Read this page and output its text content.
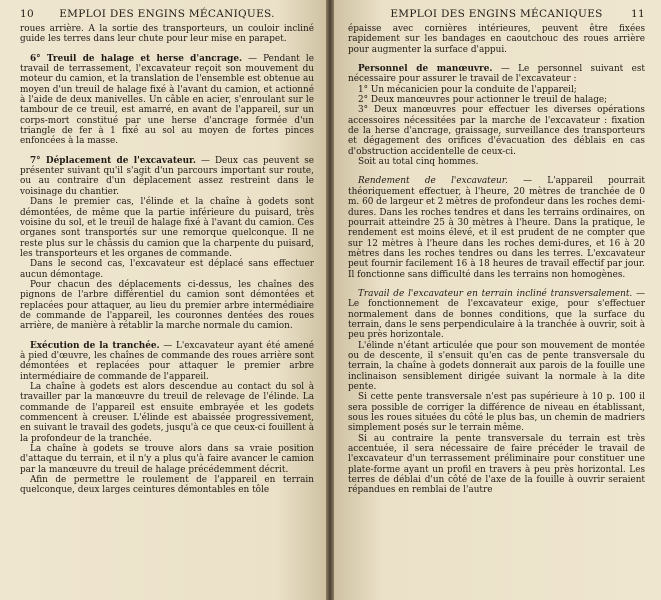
10	EMPLOI DES ENGINS MÉCANIQUES.

roues arrière. A la sortie des transporteurs, un couloir incliné guide les terres dans leur chute pour leur mise en parapet.

6° Treuil de halage et herse d'ancrage. — Pendant le travail de terrassement, l'excavateur reçoit son mouvement du moteur du camion, et la translation de l'ensemble est obtenue au moyen d'un treuil de halage fixé à l'avant du camion, et actionné à l'aide de deux manivelles. Un câble en acier, s'enroulant sur le tambour de ce treuil, est amarré, en avant de l'appareil, sur un corps-mort constitué par une herse d'ancrage formée d'un triangle de fer à 1 fixé au sol au moyen de fortes pinces enfoncées à la masse.

7° Déplacement de l'excavateur. — Deux cas peuvent se présenter suivant qu'il s'agit d'un parcours important sur route, ou au contraire d'un déplacement assez restreint dans le voisinage du chantier.

Dans le premier cas, l'élinde et la chaîne à godets sont démontées, de même que la partie inférieure du puisard, très voisine du sol, et le treuil de halage fixé à l'avant du camion. Ces organes sont transportés sur une remorque quelconque. Il ne reste plus sur le châssis du camion que la charpente du puisard, les transporteurs et les organes de commande.

Dans le second cas, l'excavateur est déplacé sans effectuer aucun démontage.

Pour chacun des déplacements ci-dessus, les chaînes des pignons de l'arbre différentiel du camion sont démontées et replacées pour attaquer, au lieu du premier arbre intermédiaire de commande de l'appareil, les couronnes dentées des roues arrière, de manière à rétablir la marche normale du camion.

Exécution de la tranchée. — L'excavateur ayant été amené à pied d'œuvre, les chaînes de commande des roues arrière sont démontées et replacées pour attaquer le premier arbre intermédiaire de commande de l'appareil.

La chaîne à godets est alors descendue au contact du sol à travailler par la manœuvre du treuil de relevage de l'élinde. La commande de l'appareil est ensuite embrayée et les godets commencent à creuser. L'élinde est abaissée progressivement, en suivant le travail des godets, jusqu'à ce que ceux-ci fouillent à la profondeur de la tranchée.

La chaîne à godets se trouve alors dans sa vraie position d'attaque du terrain, et il n'y a plus qu'à faire avancer le camion par la manœuvre du treuil de halage précédemment décrit.

Afin de permettre le roulement de l'appareil en terrain quelconque, deux larges ceintures démontables en tôle

EMPLOI DES ENGINS MÉCANIQUES	11

épaisse avec cornières intérieures, peuvent être fixées rapidement sur les bandages en caoutchouc des roues arrière pour augmenter la surface d'appui.

Personnel de manœuvre. — Le personnel suivant est nécessaire pour assurer le travail de l'excavateur :

1° Un mécanicien pour la conduite de l'appareil;

2° Deux manœuvres pour actionner le treuil de halage;

3° Deux manœuvres pour effectuer les diverses opérations accessoires nécessitées par la marche de l'excavateur : fixation de la herse d'ancrage, graissage, surveillance des transporteurs et dégagement des orifices d'évacuation des déblais en cas d'obstruction accidentelle de ceux-ci.

Soit au total cinq hommes.

Rendement de l'excavateur. — L'appareil pourrait théoriquement effectuer, à l'heure, 20 mètres de tranchée de 0 m. 60 de largeur et 2 mètres de profondeur dans les roches demi-dures. Dans les roches tendres et dans les terrains ordinaires, on pourrait atteindre 25 à 30 mètres à l'heure. Dans la pratique, le rendement est moins élevé, et il est prudent de ne compter que sur 12 mètres à l'heure dans les roches demi-dures, et 16 à 20 mètres dans les roches tendres ou dans les terres. L'excavateur peut fournir facilement 16 à 18 heures de travail effectif par jour. Il fonctionne sans difficulté dans les terrains non homogènes.

Travail de l'excavateur en terrain incliné transversalement. — Le fonctionnement de l'excavateur exige, pour s'effectuer normalement dans de bonnes conditions, que la surface du terrain, dans le sens perpendiculaire à la tranchée à ouvrir, soit à peu près horizontale.

L'élinde n'étant articulée que pour son mouvement de montée ou de descente, il s'ensuit qu'en cas de pente transversale du terrain, la chaîne à godets donnerait aux parois de la fouille une inclinaison sensiblement dirigée suivant la normale à la dite pente.

Si cette pente transversale n'est pas supérieure à 10 p. 100 il sera possible de corriger la différence de niveau en établissant, sous les roues situées du côté le plus bas, un chemin de madriers simplement posés sur le terrain même.

Si au contraire la pente transversale du terrain est très accentuée, il sera nécessaire de faire précéder le travail de l'excavateur d'un terrassement préliminaire pour constituer une plate-forme ayant un profil en travers à peu près horizontal. Les terres de déblai d'un côté de l'axe de la fouille à ouvrir seraient répandues en remblai de l'autre
